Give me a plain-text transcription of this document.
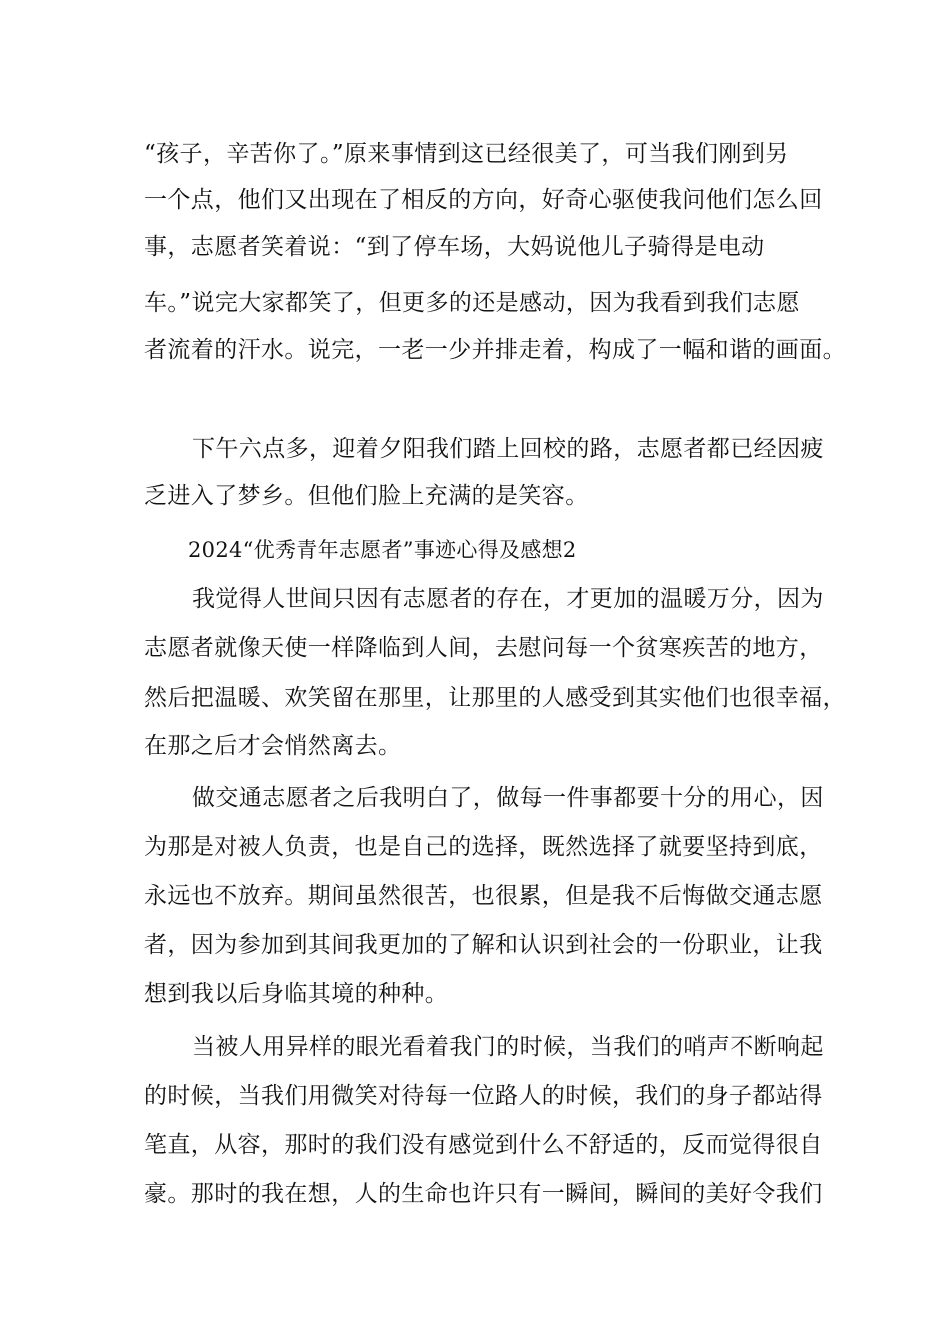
“孩子，辛苦你了。”原来事情到这已经很美了，可当我们刚到另
一个点，他们又出现在了相反的方向，好奇心驱使我问他们怎么回
事，志愿者笑着说：“到了停车场，大妈说他儿子骑得是电动
车。”说完大家都笑了，但更多的还是感动，因为我看到我们志愿
者流着的汗水。说完，一老一少并排走着，构成了一幅和谐的画面。
下午六点多，迎着夕阳我们踏上回校的路，志愿者都已经因疲
乏进入了梦乡。但他们脸上充满的是笑容。
2024“优秀青年志愿者”事迹心得及感想2
我觉得人世间只因有志愿者的存在，才更加的温暖万分，因为
志愿者就像天使一样降临到人间，去慰问每一个贫寒疾苦的地方，
然后把温暖、欢笑留在那里，让那里的人感受到其实他们也很幸福，
在那之后才会悄然离去。
做交通志愿者之后我明白了，做每一件事都要十分的用心，因
为那是对被人负责，也是自己的选择，既然选择了就要坚持到底，
永远也不放弃。期间虽然很苦，也很累，但是我不后悔做交通志愿
者，因为参加到其间我更加的了解和认识到社会的一份职业，让我
想到我以后身临其境的种种。
当被人用异样的眼光看着我门的时候，当我们的哨声不断响起
的时候，当我们用微笑对待每一位路人的时候，我们的身子都站得
笔直，从容，那时的我们没有感觉到什么不舒适的，反而觉得很自
豪。那时的我在想，人的生命也许只有一瞬间，瞬间的美好令我们
